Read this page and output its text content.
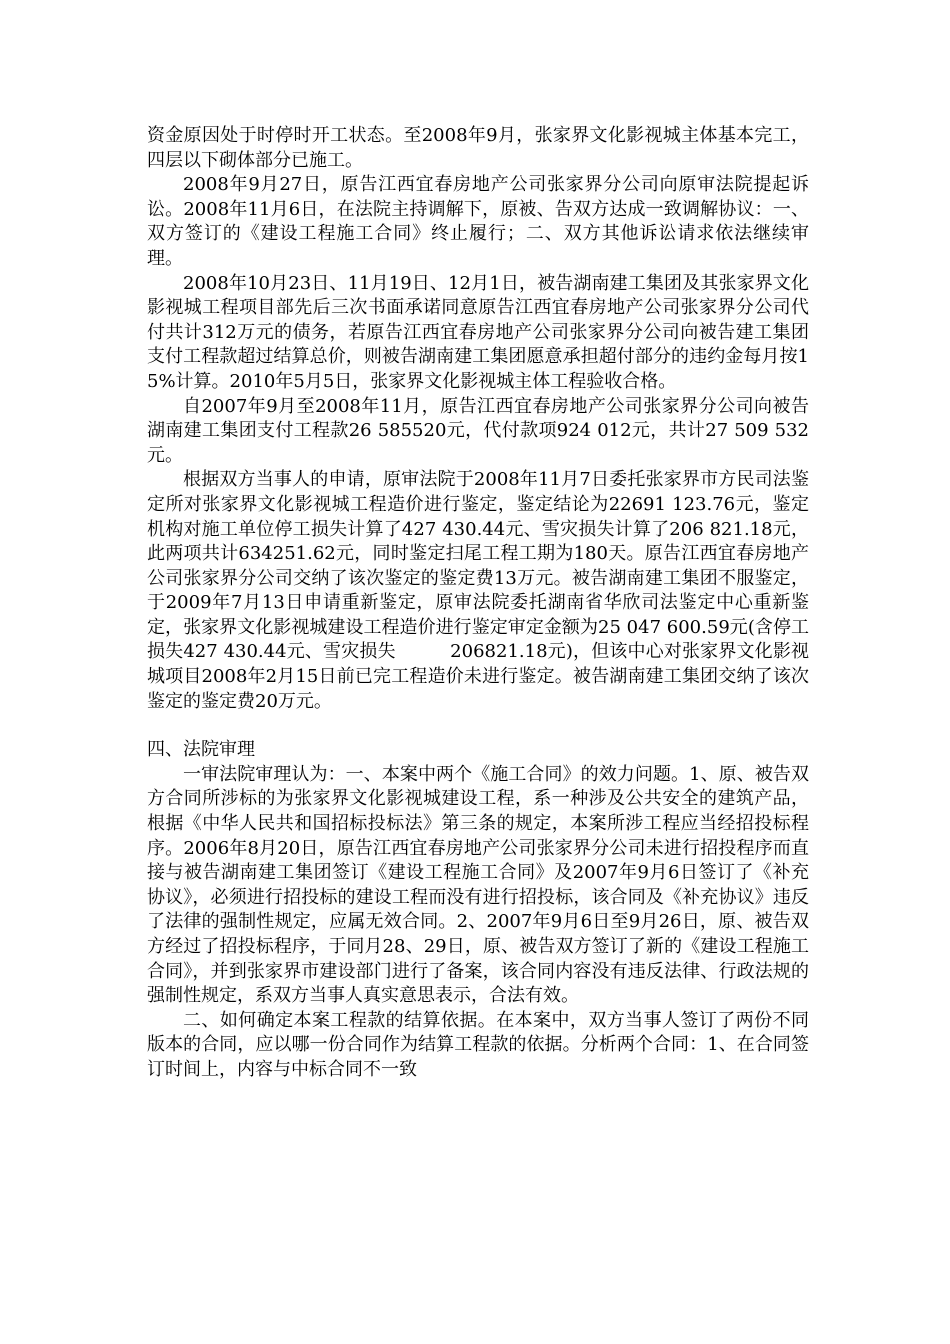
资金原因处于时停时开工状态。至2008年9月，张家界文化影视城主体基本完工，四层以下砌体部分已施工。

2008年9月27日，原告江西宜春房地产公司张家界分公司向原审法院提起诉讼。2008年11月6日，在法院主持调解下，原被、告双方达成一致调解协议：一、双方签订的《建设工程施工合同》终止履行；二、双方其他诉讼请求依法继续审理。

2008年10月23日、11月19日、12月1日，被告湖南建工集团及其张家界文化影视城工程项目部先后三次书面承诺同意原告江西宜春房地产公司张家界分公司代付共计312万元的债务，若原告江西宜春房地产公司张家界分公司向被告建工集团支付工程款超过结算总价，则被告湖南建工集团愿意承担超付部分的违约金每月按15%计算。2010年5月5日，张家界文化影视城主体工程验收合格。

自2007年9月至2008年11月，原告江西宜春房地产公司张家界分公司向被告湖南建工集团支付工程款26 585520元，代付款项924 012元，共计27 509 532元。

根据双方当事人的申请，原审法院于2008年11月7日委托张家界市方民司法鉴定所对张家界文化影视城工程造价进行鉴定，鉴定结论为22691 123.76元，鉴定机构对施工单位停工损失计算了427 430.44元、雪灾损失计算了206 821.18元，此两项共计634251.62元，同时鉴定扫尾工程工期为180天。原告江西宜春房地产公司张家界分公司交纳了该次鉴定的鉴定费13万元。被告湖南建工集团不服鉴定，于2009年7月13日申请重新鉴定，原审法院委托湖南省华欣司法鉴定中心重新鉴定，张家界文化影视城建设工程造价进行鉴定审定金额为25 047 600.59元(含停工损失427 430.44元、雪灾损失　　　206821.18元)，但该中心对张家界文化影视城项目2008年2月15日前已完工程造价未进行鉴定。被告湖南建工集团交纳了该次鉴定的鉴定费20万元。

四、法院审理

一审法院审理认为：一、本案中两个《施工合同》的效力问题。1、原、被告双方合同所涉标的为张家界文化影视城建设工程，系一种涉及公共安全的建筑产品，根据《中华人民共和国招标投标法》第三条的规定，本案所涉工程应当经招投标程序。2006年8月20日，原告江西宜春房地产公司张家界分公司未进行招投程序而直接与被告湖南建工集团签订《建设工程施工合同》及2007年9月6日签订了《补充协议》，必须进行招投标的建设工程而没有进行招投标，该合同及《补充协议》违反了法律的强制性规定，应属无效合同。2、2007年9月6日至9月26日，原、被告双方经过了招投标程序，于同月28、29日，原、被告双方签订了新的《建设工程施工合同》，并到张家界市建设部门进行了备案，该合同内容没有违反法律、行政法规的强制性规定，系双方当事人真实意思表示，合法有效。

二、如何确定本案工程款的结算依据。在本案中，双方当事人签订了两份不同版本的合同，应以哪一份合同作为结算工程款的依据。分析两个合同：1、在合同签订时间上，内容与中标合同不一致
